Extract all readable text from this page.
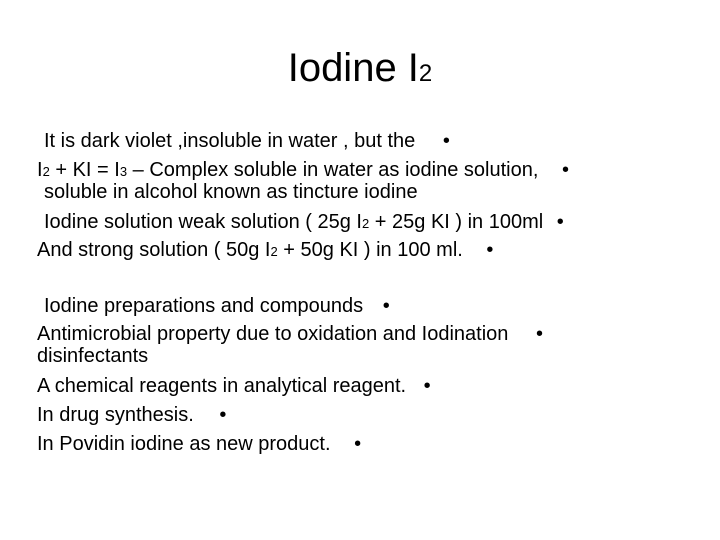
Iodine I2
It is dark violet ,insoluble in water , but the •
I2 + KI = I3 – Complex soluble in water as iodine solution, •
soluble in alcohol known as tincture iodine
Iodine solution weak solution ( 25g I2 + 25g KI ) in 100ml •
And strong solution ( 50g I2 + 50g KI ) in 100 ml. •
Iodine preparations and compounds •
Antimicrobial property due to oxidation and Iodination •
disinfectants
A chemical reagents in analytical reagent. •
In drug synthesis. •
In Povidin iodine as new product. •
